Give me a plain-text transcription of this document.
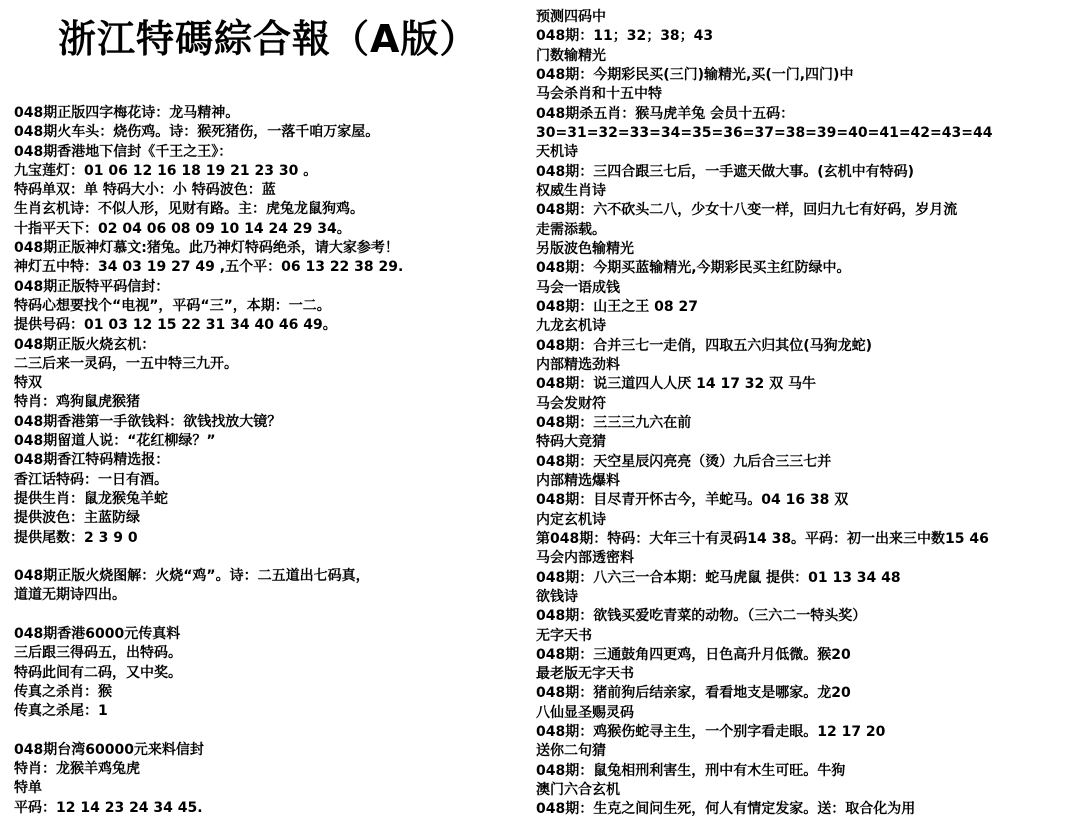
浙江特碼綜合報（A版）
048期正版四字梅花诗：龙马精神。
048期火车头：烧伤鸡。诗：猴死猪伤，一落千咱万家屋。
048期香港地下信封《千王之王》：
九宝莲灯：01 06 12 16 18 19 21 23 30 。
特码单双：单 特码大小：小 特码波色：蓝
生肖玄机诗：不似人形，见财有路。主：虎兔龙鼠狗鸡。
十指平天下：02 04 06 08 09 10 14 24 29 34。
048期正版神灯慕文:猪兔。此乃神灯特码绝杀，请大家参考！
神灯五中特：34 03 19 27 49 ,五个平：06 13 22 38 29.
048期正版特平码信封：
特码心想要找个“电视”，平码“三”，本期：一二。
提供号码：01 03 12 15 22 31 34 40 46 49。
048期正版火烧玄机：
二三后来一灵码，一五中特三九开。
特双
特肖：鸡狗鼠虎猴猪
048期香港第一手欲钱料：欲钱找放大镜？
048期留道人说：“花红柳绿？”
048期香江特码精选报：
香江话特码：一日有酒。
提供生肖：鼠龙猴兔羊蛇
提供波色：主蓝防绿
提供尾数：2 3 9 0
048期正版火烧图解：火烧“鸡”。诗：二五道出七码真，
道道无期诗四出。
048期香港6000元传真料
三后跟三得码五，出特码。
特码此间有二码，又中奖。
传真之杀肖：猴
传真之杀尾：1
048期台湾60000元来料信封
特肖：龙猴羊鸡兔虎
特单
平码：12 14 23 24 34 45.
预测四码中
048期：11；32；38；43
门数输精光
048期：今期彩民买(三门)输精光,买(一门,四门)中
马会杀肖和十五中特
048期杀五肖：猴马虎羊兔 会员十五码：
30=31=32=33=34=35=36=37=38=39=40=41=42=43=44
天机诗
048期：三四合跟三七后，一手遮天做大事。(玄机中有特码)
权威生肖诗
048期：六不砍头二八，少女十八变一样，回归九七有好码，岁月流
走需添载。
另版波色输精光
048期：今期买蓝输精光,今期彩民买主红防绿中。
马会一语成钱
048期：山王之王 08 27
九龙玄机诗
048期：合并三七一走俏，四取五六归其位(马狗龙蛇)
内部精选劲料
048期：说三道四人人厌 14 17 32 双 马牛
马会发财符
048期：三三三九六在前
特码大竞猜
048期：天空星辰闪亮亮（烫）九后合三三七并
内部精选爆料
048期：目尽青开怀古今，羊蛇马。04 16 38 双
内定玄机诗
第048期：特码：大年三十有灵码14 38。平码：初一出来三中数15 46
马会内部透密料
048期：八六三一合本期：蛇马虎鼠 提供：01 13 34 48
欲钱诗
048期：欲钱买爱吃青菜的动物。（三六二一特头奖）
无字天书
048期：三通鼓角四更鸡，日色高升月低微。猴20
最老版无字天书
048期：猪前狗后结亲家，看看地支是哪家。龙20
八仙显圣赐灵码
048期：鸡猴伤蛇寻主生，一个别字看走眼。12 17 20
送你二句猜
048期：鼠兔相刑利害生，刑中有木生可旺。牛狗
澳门六合玄机
048期：生克之间问生死，何人有情定发家。送：取合化为用
